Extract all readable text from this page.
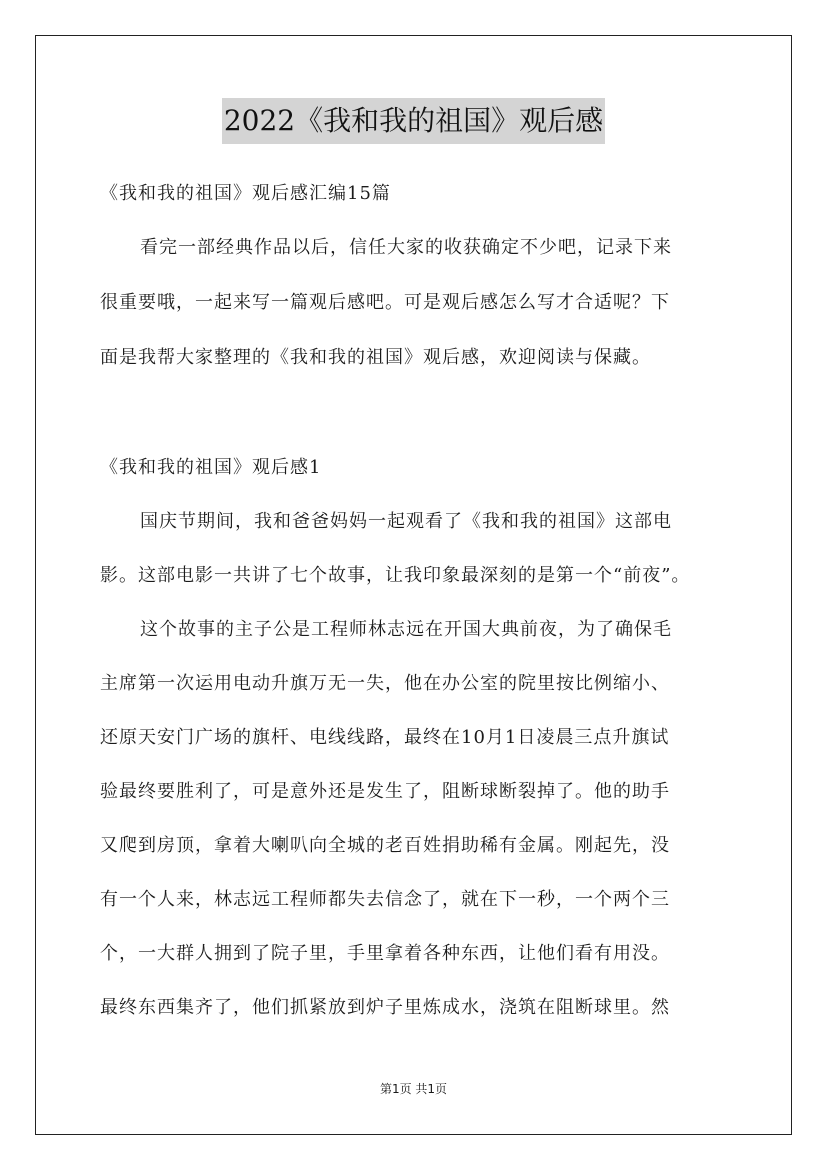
2022《我和我的祖国》观后感
《我和我的祖国》观后感汇编15篇
看完一部经典作品以后，信任大家的收获确定不少吧，记录下来
很重要哦，一起来写一篇观后感吧。可是观后感怎么写才合适呢？下
面是我帮大家整理的《我和我的祖国》观后感，欢迎阅读与保藏。
《我和我的祖国》观后感1
国庆节期间，我和爸爸妈妈一起观看了《我和我的祖国》这部电
影。这部电影一共讲了七个故事，让我印象最深刻的是第一个“前夜”。
这个故事的主子公是工程师林志远在开国大典前夜，为了确保毛
主席第一次运用电动升旗万无一失，他在办公室的院里按比例缩小、
还原天安门广场的旗杆、电线线路，最终在10月1日凌晨三点升旗试
验最终要胜利了，可是意外还是发生了，阻断球断裂掉了。他的助手
又爬到房顶，拿着大喇叭向全城的老百姓捐助稀有金属。刚起先，没
有一个人来，林志远工程师都失去信念了，就在下一秒，一个两个三
个，一大群人拥到了院子里，手里拿着各种东西，让他们看有用没。
最终东西集齐了，他们抓紧放到炉子里炼成水，浇筑在阻断球里。然
第1页 共1页
